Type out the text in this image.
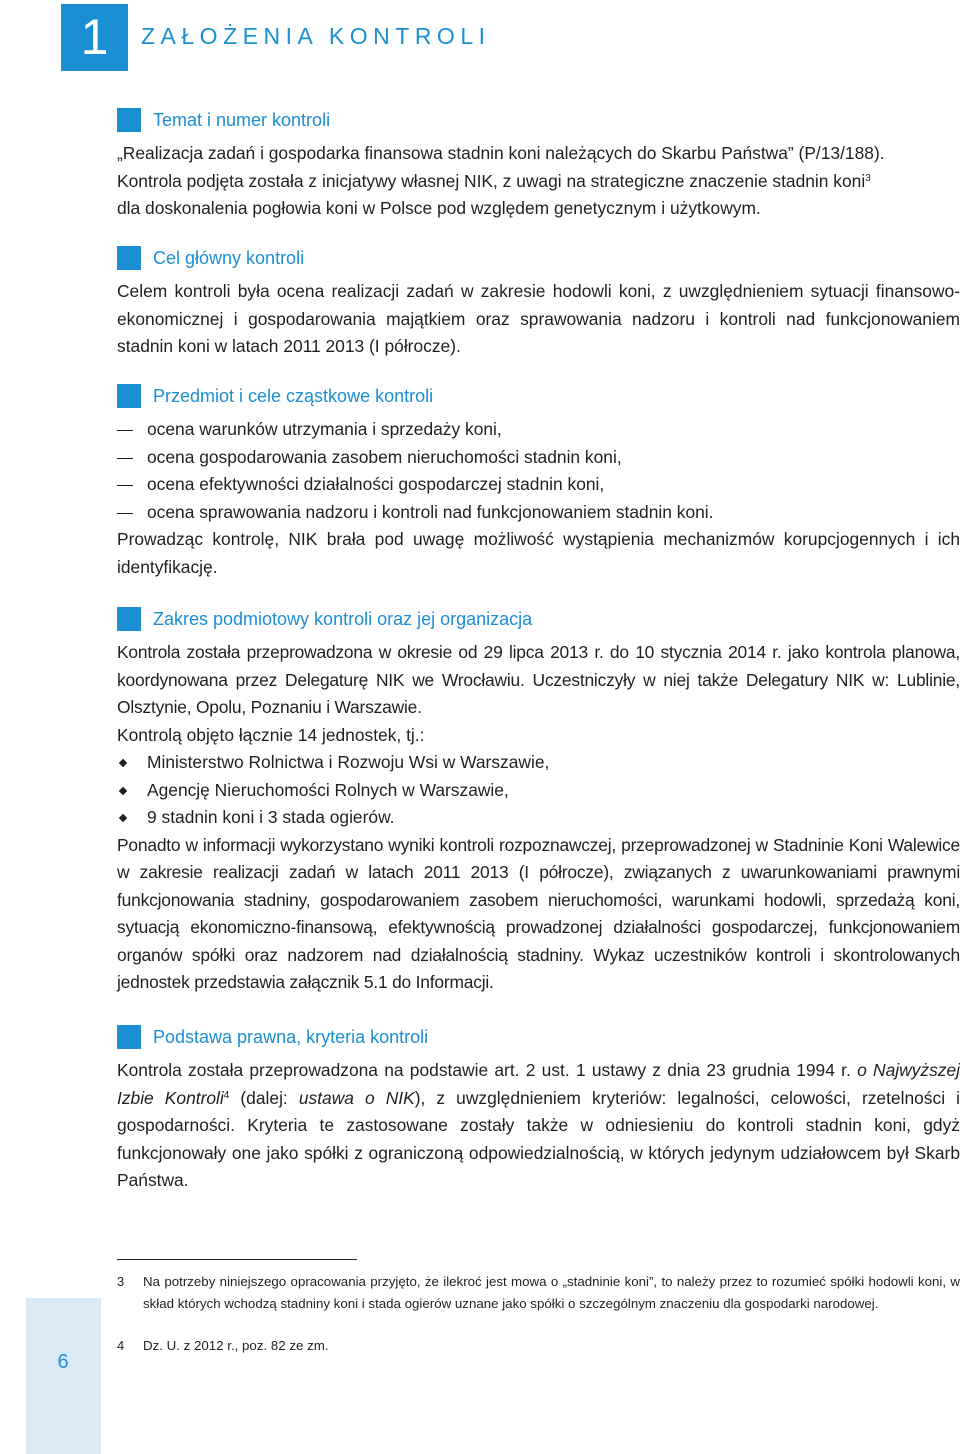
1	ZAŁOŻENIA KONTROLI
Temat i numer kontroli

„Realizacja zadań i gospodarka finansowa stadnin koni należących do Skarbu Państwa” (P/13/188).
Kontrola podjęta została z inicjatywy własnej NIK, z uwagi na strategiczne znaczenie stadnin koni$^3$
dla doskonalenia pogłowia koni w Polsce pod względem genetycznym i użytkowym.

Cel główny kontroli

Celem kontroli była ocena realizacji zadań w zakresie hodowli koni, z uwzględnieniem sytuacji finansowo-ekonomicznej i gospodarowania majątkiem oraz sprawowania nadzoru i kontroli nad funkcjonowaniem stadnin koni w latach 2011 2013 (I półrocze).

Przedmiot i cele cząstkowe kontroli
ocena warunków utrzymania i sprzedaży koni,
ocena gospodarowania zasobem nieruchomości stadnin koni,
ocena efektywności działalności gospodarczej stadnin koni,
ocena sprawowania nadzoru i kontroli nad funkcjonowaniem stadnin koni.

Prowadząc kontrolę, NIK brała pod uwagę możliwość wystąpienia mechanizmów korupcjogennych i ich identyfikację.

Zakres podmiotowy kontroli oraz jej organizacja

Kontrola została przeprowadzona w okresie od 29 lipca 2013 r. do 10 stycznia 2014 r. jako kontrola planowa, koordynowana przez Delegaturę NIK we Wrocławiu. Uczestniczyły w niej także Delegatury NIK w: Lublinie, Olsztynie, Opolu, Poznaniu i Warszawie.

Kontrolą objęto łącznie 14 jednostek, tj.:

Ministerstwo Rolnictwa i Rozwoju Wsi w Warszawie,
Agencję Nieruchomości Rolnych w Warszawie,
9 stadnin koni i 3 stada ogierów.

Ponadto w informacji wykorzystano wyniki kontroli rozpoznawczej, przeprowadzonej w Stadninie Koni Walewice w zakresie realizacji zadań w latach 2011 2013 (I półrocze), związanych z uwarunkowaniami prawnymi funkcjonowania stadniny, gospodarowaniem zasobem nieruchomości, warunkami hodowli, sprzedażą koni, sytuacją ekonomiczno-finansową, efektywnością prowadzonej działalności gospodarczej, funkcjonowaniem organów spółki oraz nadzorem nad działalnością stadniny. Wykaz uczestników kontroli i skontrolowanych jednostek przedstawia załącznik 5.1 do Informacji.

Podstawa prawna, kryteria kontroli

Kontrola została przeprowadzona na podstawie art. 2 ust. 1 ustawy z dnia 23 grudnia 1994 r. o Najwyższej Izbie Kontroli$^4$ (dalej: ustawa o NIK), z uwzględnieniem kryteriów: legalności, celowości, rzetelności i gospodarności. Kryteria te zastosowane zostały także w odniesieniu do kontroli stadnin koni, gdyż funkcjonowały one jako spółki z ograniczoną odpowiedzialnością, w których jedynym udziałowcem był Skarb Państwa.

3 Na potrzeby niniejszego opracowania przyjęto, że ilekroć jest mowa o „stadninie koni”, to należy przez to rozumieć spółki hodowli koni, w skład których wchodzą stadniny koni i stada ogierów uznane jako spółki o szczególnym znaczeniu dla gospodarki narodowej.
4 Dz. U. z 2012 r., poz. 82 ze zm.
6
